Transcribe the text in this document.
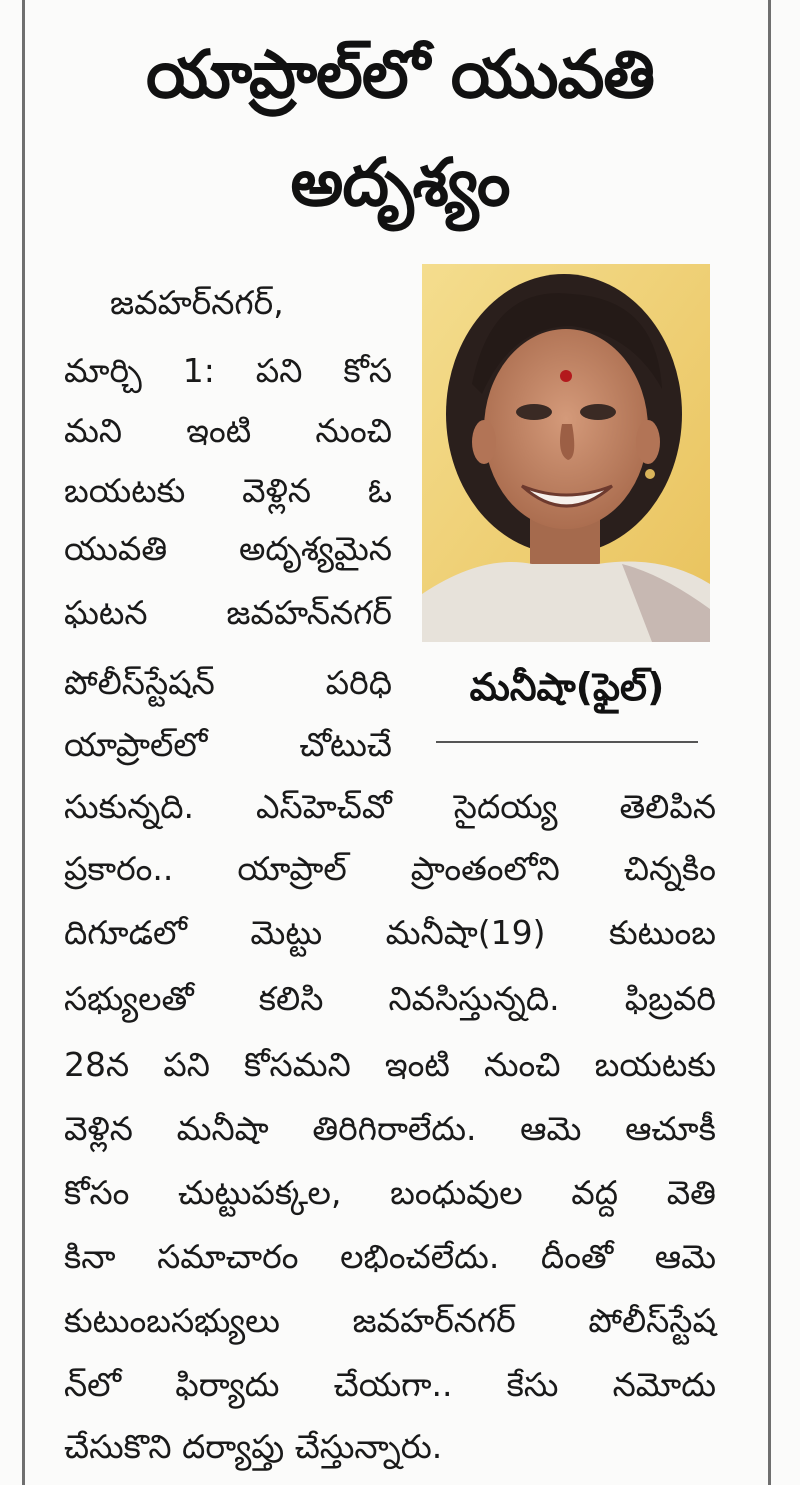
యాప్రాల్‌లో యువతి
అదృశ్యం
మనీషా(ఫైల్)
జవహర్‌నగర్,
మార్చి 1: పని కోస
మని ఇంటి నుంచి
బయటకు వెళ్లిన ఓ
యువతి అదృశ్యమైన
ఘటన జవహన్‌నగర్
పోలీస్‌స్టేషన్ పరిధి
యాప్రాల్‌లో చోటుచే
సుకున్నది. ఎస్‌హెచ్‌వో సైదయ్య తెలిపిన
ప్రకారం.. యాప్రాల్ ప్రాంతంలోని చిన్నకిం
దిగూడలో మెట్టు మనీషా(19) కుటుంబ
సభ్యులతో కలిసి నివసిస్తున్నది. ఫిబ్రవరి
28న పని కోసమని ఇంటి నుంచి బయటకు
వెళ్లిన మనీషా తిరిగిరాలేదు. ఆమె ఆచూకీ
కోసం చుట్టుపక్కల, బంధువుల వద్ద వెతి
కినా సమాచారం లభించలేదు. దీంతో ఆమె
కుటుంబసభ్యులు జవహర్‌నగర్ పోలీస్‌స్టేష
న్‌లో ఫిర్యాదు చేయగా.. కేసు నమోదు
చేసుకొని దర్యాప్తు చేస్తున్నారు.
